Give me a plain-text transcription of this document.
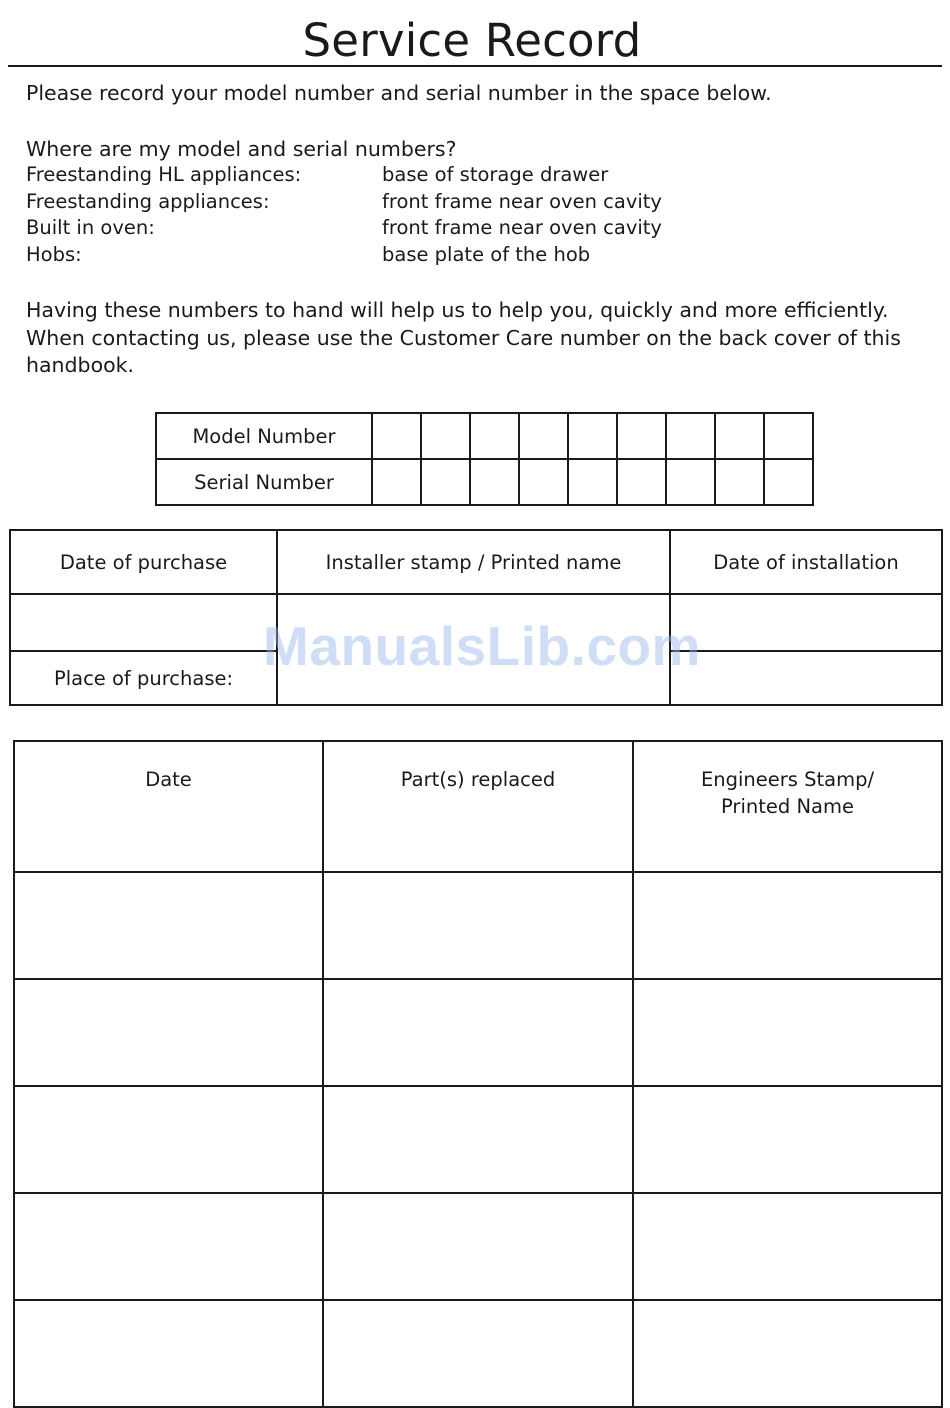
Service Record
Please record your model number and serial number in the space below.
Where are my model and serial numbers?
Freestanding HL appliances:	base of storage drawer
Freestanding appliances:	front frame near oven cavity
Built in oven:	front frame near oven cavity
Hobs:	base plate of the hob
Having these numbers to hand will help us to help you, quickly and more efficiently. When contacting us, please use the Customer Care number on the back cover of this handbook.
Model Number									
Serial Number									
Date of purchase	Installer stamp / Printed name	Date of installation

Place of purchase:		
Date	Part(s) replaced	Engineers Stamp/
Printed Name

ManualsLib.com
